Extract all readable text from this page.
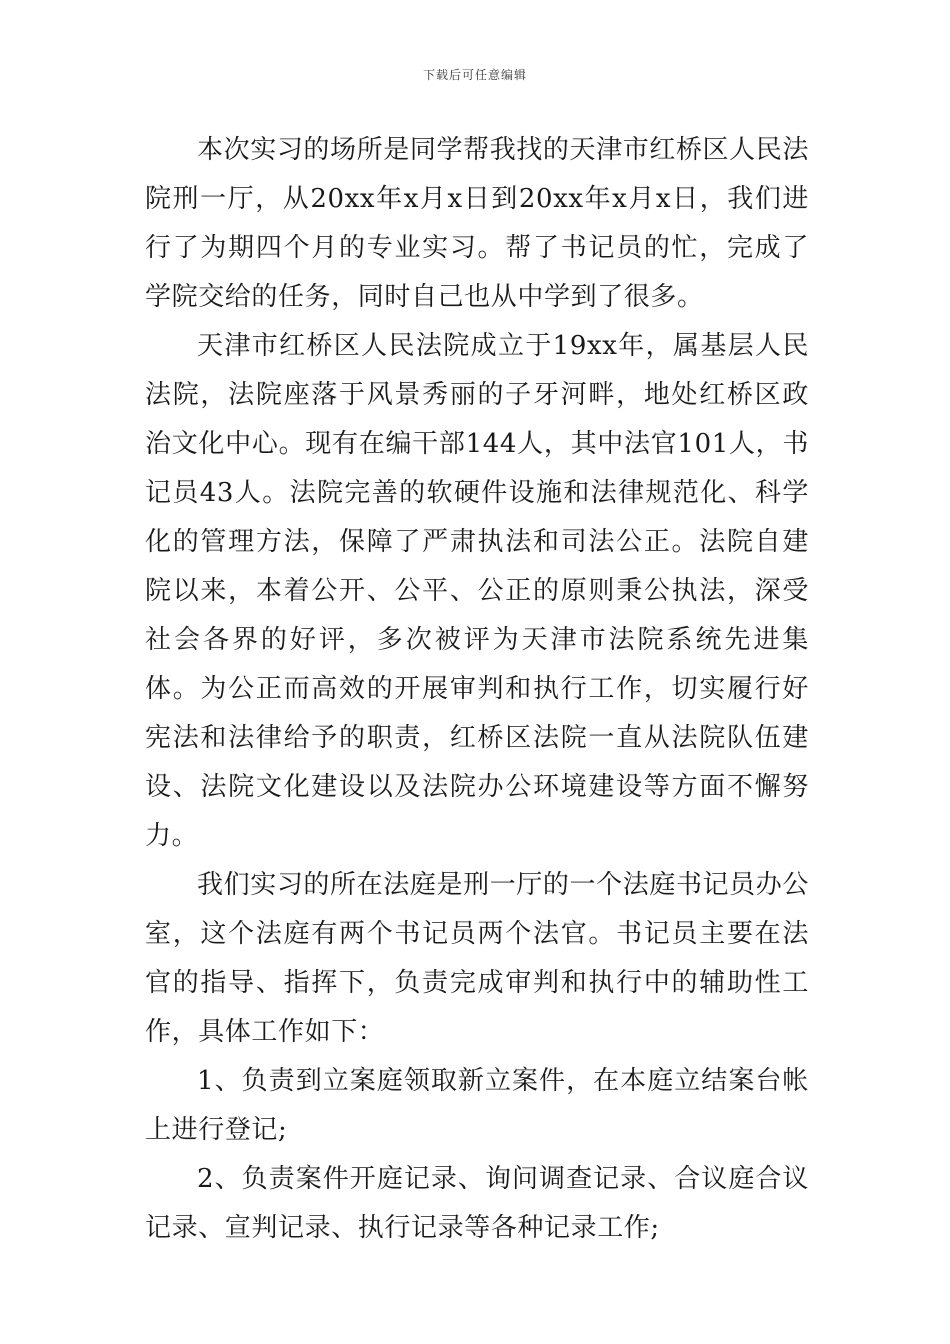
下载后可任意编辑

本次实习的场所是同学帮我找的天津市红桥区人民法院刑一厅，从20xx年x月x日到20xx年x月x日，我们进行了为期四个月的专业实习。帮了书记员的忙，完成了学院交给的任务，同时自己也从中学到了很多。

天津市红桥区人民法院成立于19xx年，属基层人民法院，法院座落于风景秀丽的子牙河畔，地处红桥区政治文化中心。现有在编干部144人，其中法官101人，书记员43人。法院完善的软硬件设施和法律规范化、科学化的管理方法，保障了严肃执法和司法公正。法院自建院以来，本着公开、公平、公正的原则秉公执法，深受社会各界的好评，多次被评为天津市法院系统先进集体。为公正而高效的开展审判和执行工作，切实履行好宪法和法律给予的职责，红桥区法院一直从法院队伍建设、法院文化建设以及法院办公环境建设等方面不懈努力。

我们实习的所在法庭是刑一厅的一个法庭书记员办公室，这个法庭有两个书记员两个法官。书记员主要在法官的指导、指挥下，负责完成审判和执行中的辅助性工作，具体工作如下：

1、负责到立案庭领取新立案件，在本庭立结案台帐上进行登记;

2、负责案件开庭记录、询问调查记录、合议庭合议记录、宣判记录、执行记录等各种记录工作;
